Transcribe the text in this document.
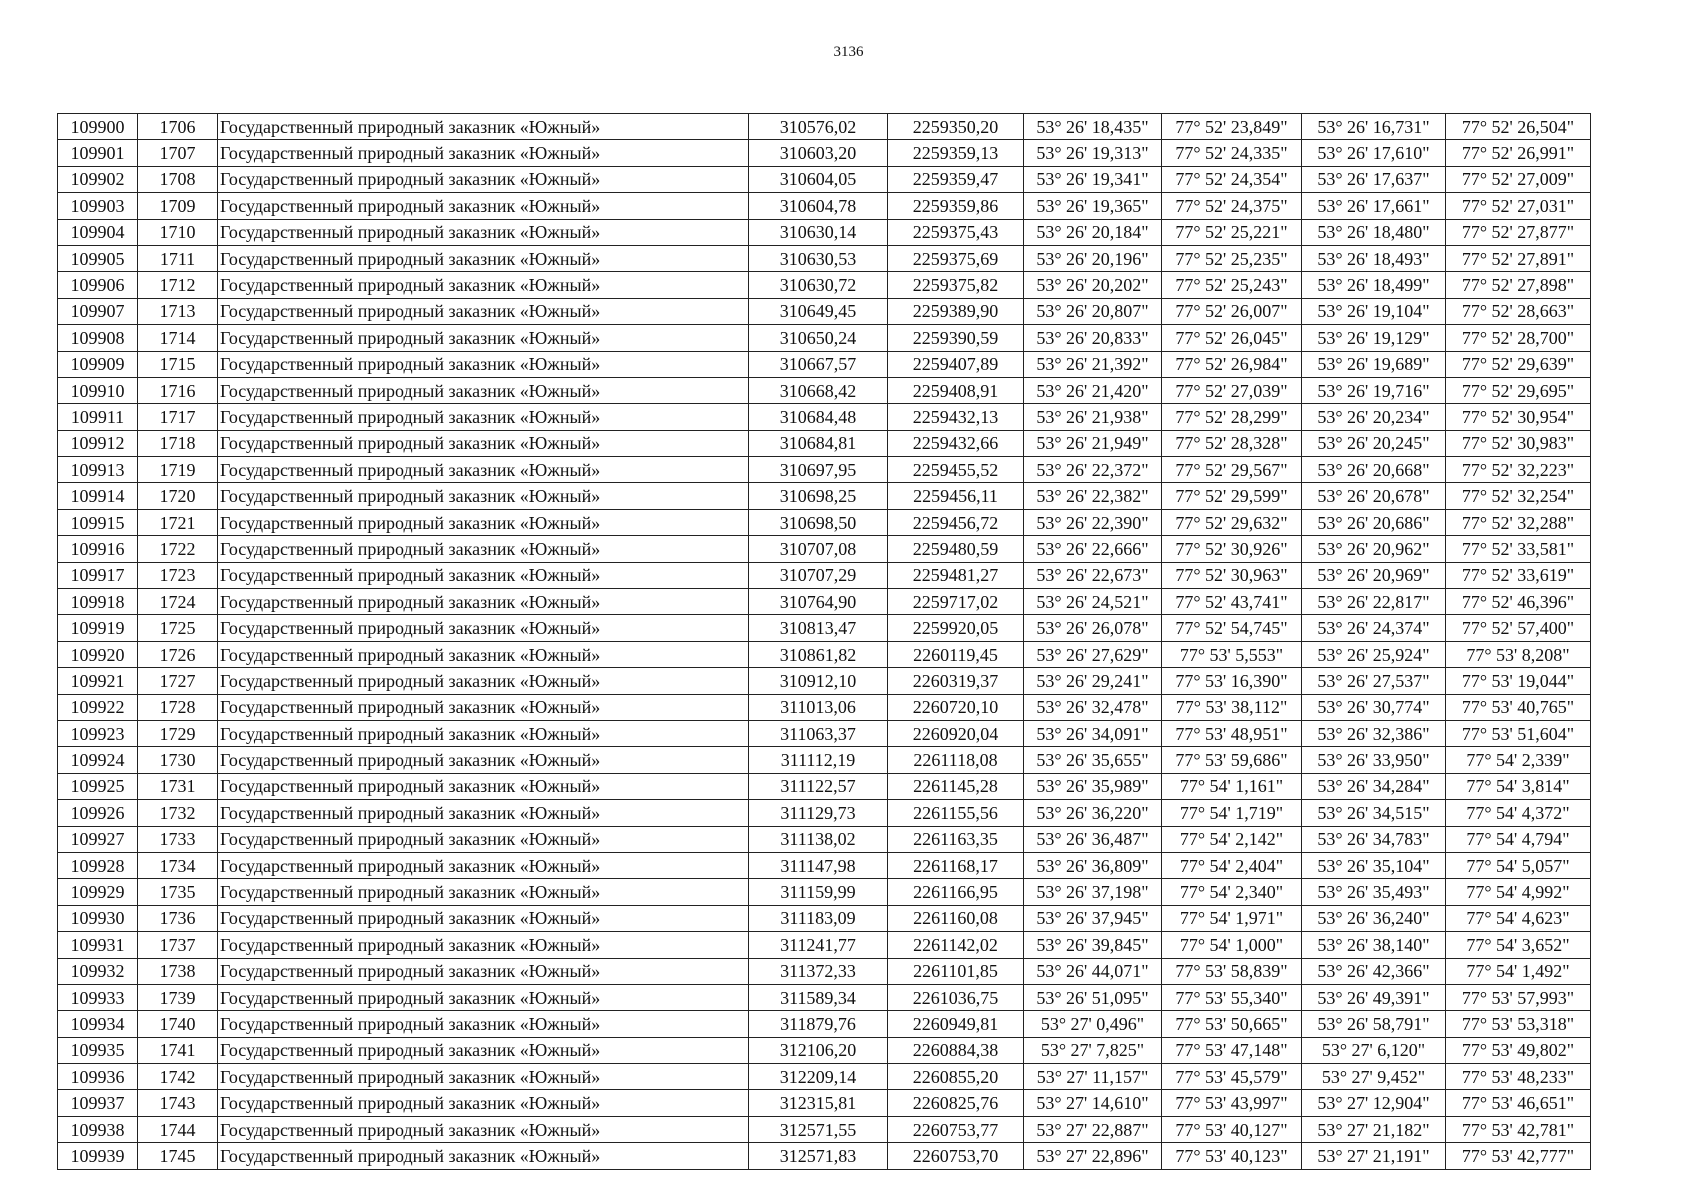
3136
109900	1706	Государственный природный заказник «Южный»	310576,02	2259350,20	53° 26' 18,435"	77° 52' 23,849"	53° 26' 16,731"	77° 52' 26,504"
109901	1707	Государственный природный заказник «Южный»	310603,20	2259359,13	53° 26' 19,313"	77° 52' 24,335"	53° 26' 17,610"	77° 52' 26,991"
109902	1708	Государственный природный заказник «Южный»	310604,05	2259359,47	53° 26' 19,341"	77° 52' 24,354"	53° 26' 17,637"	77° 52' 27,009"
109903	1709	Государственный природный заказник «Южный»	310604,78	2259359,86	53° 26' 19,365"	77° 52' 24,375"	53° 26' 17,661"	77° 52' 27,031"
109904	1710	Государственный природный заказник «Южный»	310630,14	2259375,43	53° 26' 20,184"	77° 52' 25,221"	53° 26' 18,480"	77° 52' 27,877"
109905	1711	Государственный природный заказник «Южный»	310630,53	2259375,69	53° 26' 20,196"	77° 52' 25,235"	53° 26' 18,493"	77° 52' 27,891"
109906	1712	Государственный природный заказник «Южный»	310630,72	2259375,82	53° 26' 20,202"	77° 52' 25,243"	53° 26' 18,499"	77° 52' 27,898"
109907	1713	Государственный природный заказник «Южный»	310649,45	2259389,90	53° 26' 20,807"	77° 52' 26,007"	53° 26' 19,104"	77° 52' 28,663"
109908	1714	Государственный природный заказник «Южный»	310650,24	2259390,59	53° 26' 20,833"	77° 52' 26,045"	53° 26' 19,129"	77° 52' 28,700"
109909	1715	Государственный природный заказник «Южный»	310667,57	2259407,89	53° 26' 21,392"	77° 52' 26,984"	53° 26' 19,689"	77° 52' 29,639"
109910	1716	Государственный природный заказник «Южный»	310668,42	2259408,91	53° 26' 21,420"	77° 52' 27,039"	53° 26' 19,716"	77° 52' 29,695"
109911	1717	Государственный природный заказник «Южный»	310684,48	2259432,13	53° 26' 21,938"	77° 52' 28,299"	53° 26' 20,234"	77° 52' 30,954"
109912	1718	Государственный природный заказник «Южный»	310684,81	2259432,66	53° 26' 21,949"	77° 52' 28,328"	53° 26' 20,245"	77° 52' 30,983"
109913	1719	Государственный природный заказник «Южный»	310697,95	2259455,52	53° 26' 22,372"	77° 52' 29,567"	53° 26' 20,668"	77° 52' 32,223"
109914	1720	Государственный природный заказник «Южный»	310698,25	2259456,11	53° 26' 22,382"	77° 52' 29,599"	53° 26' 20,678"	77° 52' 32,254"
109915	1721	Государственный природный заказник «Южный»	310698,50	2259456,72	53° 26' 22,390"	77° 52' 29,632"	53° 26' 20,686"	77° 52' 32,288"
109916	1722	Государственный природный заказник «Южный»	310707,08	2259480,59	53° 26' 22,666"	77° 52' 30,926"	53° 26' 20,962"	77° 52' 33,581"
109917	1723	Государственный природный заказник «Южный»	310707,29	2259481,27	53° 26' 22,673"	77° 52' 30,963"	53° 26' 20,969"	77° 52' 33,619"
109918	1724	Государственный природный заказник «Южный»	310764,90	2259717,02	53° 26' 24,521"	77° 52' 43,741"	53° 26' 22,817"	77° 52' 46,396"
109919	1725	Государственный природный заказник «Южный»	310813,47	2259920,05	53° 26' 26,078"	77° 52' 54,745"	53° 26' 24,374"	77° 52' 57,400"
109920	1726	Государственный природный заказник «Южный»	310861,82	2260119,45	53° 26' 27,629"	77° 53' 5,553"	53° 26' 25,924"	77° 53' 8,208"
109921	1727	Государственный природный заказник «Южный»	310912,10	2260319,37	53° 26' 29,241"	77° 53' 16,390"	53° 26' 27,537"	77° 53' 19,044"
109922	1728	Государственный природный заказник «Южный»	311013,06	2260720,10	53° 26' 32,478"	77° 53' 38,112"	53° 26' 30,774"	77° 53' 40,765"
109923	1729	Государственный природный заказник «Южный»	311063,37	2260920,04	53° 26' 34,091"	77° 53' 48,951"	53° 26' 32,386"	77° 53' 51,604"
109924	1730	Государственный природный заказник «Южный»	311112,19	2261118,08	53° 26' 35,655"	77° 53' 59,686"	53° 26' 33,950"	77° 54' 2,339"
109925	1731	Государственный природный заказник «Южный»	311122,57	2261145,28	53° 26' 35,989"	77° 54' 1,161"	53° 26' 34,284"	77° 54' 3,814"
109926	1732	Государственный природный заказник «Южный»	311129,73	2261155,56	53° 26' 36,220"	77° 54' 1,719"	53° 26' 34,515"	77° 54' 4,372"
109927	1733	Государственный природный заказник «Южный»	311138,02	2261163,35	53° 26' 36,487"	77° 54' 2,142"	53° 26' 34,783"	77° 54' 4,794"
109928	1734	Государственный природный заказник «Южный»	311147,98	2261168,17	53° 26' 36,809"	77° 54' 2,404"	53° 26' 35,104"	77° 54' 5,057"
109929	1735	Государственный природный заказник «Южный»	311159,99	2261166,95	53° 26' 37,198"	77° 54' 2,340"	53° 26' 35,493"	77° 54' 4,992"
109930	1736	Государственный природный заказник «Южный»	311183,09	2261160,08	53° 26' 37,945"	77° 54' 1,971"	53° 26' 36,240"	77° 54' 4,623"
109931	1737	Государственный природный заказник «Южный»	311241,77	2261142,02	53° 26' 39,845"	77° 54' 1,000"	53° 26' 38,140"	77° 54' 3,652"
109932	1738	Государственный природный заказник «Южный»	311372,33	2261101,85	53° 26' 44,071"	77° 53' 58,839"	53° 26' 42,366"	77° 54' 1,492"
109933	1739	Государственный природный заказник «Южный»	311589,34	2261036,75	53° 26' 51,095"	77° 53' 55,340"	53° 26' 49,391"	77° 53' 57,993"
109934	1740	Государственный природный заказник «Южный»	311879,76	2260949,81	53° 27' 0,496"	77° 53' 50,665"	53° 26' 58,791"	77° 53' 53,318"
109935	1741	Государственный природный заказник «Южный»	312106,20	2260884,38	53° 27' 7,825"	77° 53' 47,148"	53° 27' 6,120"	77° 53' 49,802"
109936	1742	Государственный природный заказник «Южный»	312209,14	2260855,20	53° 27' 11,157"	77° 53' 45,579"	53° 27' 9,452"	77° 53' 48,233"
109937	1743	Государственный природный заказник «Южный»	312315,81	2260825,76	53° 27' 14,610"	77° 53' 43,997"	53° 27' 12,904"	77° 53' 46,651"
109938	1744	Государственный природный заказник «Южный»	312571,55	2260753,77	53° 27' 22,887"	77° 53' 40,127"	53° 27' 21,182"	77° 53' 42,781"
109939	1745	Государственный природный заказник «Южный»	312571,83	2260753,70	53° 27' 22,896"	77° 53' 40,123"	53° 27' 21,191"	77° 53' 42,777"
